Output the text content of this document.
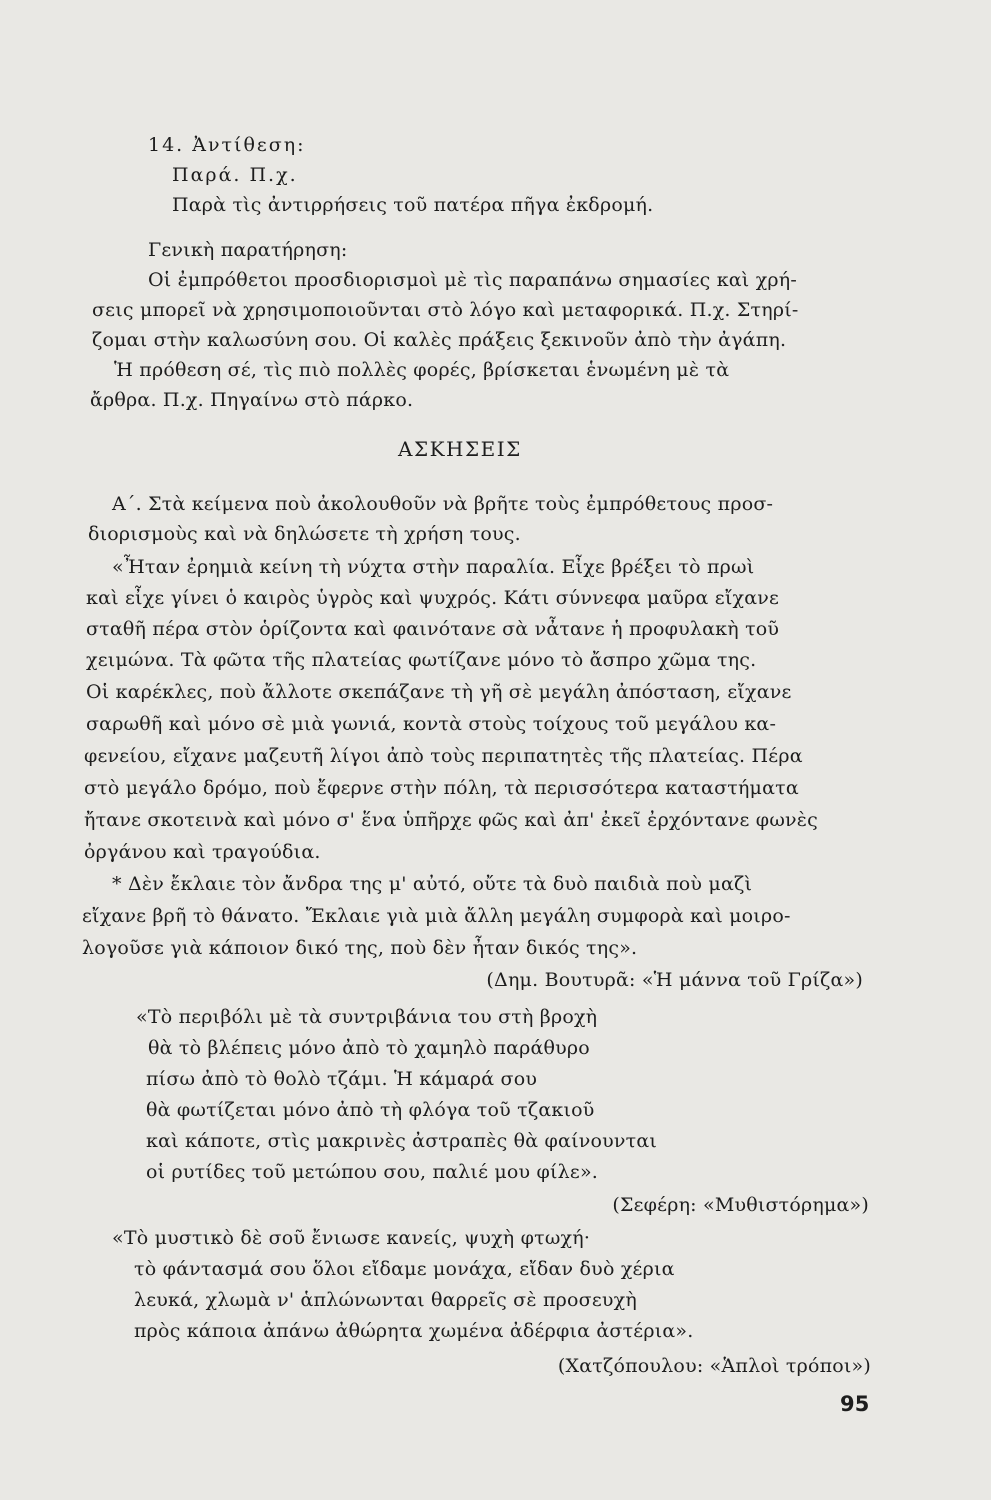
14. Ἀντίθεση:
Παρά. Π.χ.
Παρὰ τὶς ἀντιρρήσεις τοῦ πατέρα πῆγα ἐκδρομή.
Γενικὴ παρατήρηση:
Οἱ ἐμπρόθετοι προσδιορισμοὶ μὲ τὶς παραπάνω σημασίες καὶ χρή-
σεις μπορεῖ νὰ χρησιμοποιοῦνται στὸ λόγο καὶ μεταφορικά. Π.χ. Στηρί-
ζομαι στὴν καλωσύνη σου. Οἱ καλὲς πράξεις ξεκινοῦν ἀπὸ τὴν ἀγάπη.
Ἡ πρόθεση σέ, τὶς πιὸ πολλὲς φορές, βρίσκεται ἑνωμένη μὲ τὰ
ἄρθρα. Π.χ. Πηγαίνω στὸ πάρκο.
ΑΣΚΗΣΕΙΣ
Α΄. Στὰ κείμενα ποὺ ἀκολουθοῦν νὰ βρῆτε τοὺς ἐμπρόθετους προσ-
διορισμοὺς καὶ νὰ δηλώσετε τὴ χρήση τους.
«Ἦταν ἐρημιὰ κείνη τὴ νύχτα στὴν παραλία. Εἶχε βρέξει τὸ πρωὶ
καὶ εἶχε γίνει ὁ καιρὸς ὑγρὸς καὶ ψυχρός. Κάτι σύννεφα μαῦρα εἴχανε
σταθῆ πέρα στὸν ὁρίζοντα καὶ φαινότανε σὰ νἆτανε ἡ προφυλακὴ τοῦ
χειμώνα. Τὰ φῶτα τῆς πλατείας φωτίζανε μόνο τὸ ἄσπρο χῶμα της.
Οἱ καρέκλες, ποὺ ἄλλοτε σκεπάζανε τὴ γῆ σὲ μεγάλη ἀπόσταση, εἴχανε
σαρωθῆ καὶ μόνο σὲ μιὰ γωνιά, κοντὰ στοὺς τοίχους τοῦ μεγάλου κα-
φενείου, εἴχανε μαζευτῆ λίγοι ἀπὸ τοὺς περιπατητὲς τῆς πλατείας. Πέρα
στὸ μεγάλο δρόμο, ποὺ ἔφερνε στὴν πόλη, τὰ περισσότερα καταστήματα
ἤτανε σκοτεινὰ καὶ μόνο σ' ἕνα ὑπῆρχε φῶς καὶ ἀπ' ἐκεῖ ἐρχόντανε φωνὲς
ὀργάνου καὶ τραγούδια.
* Δὲν ἔκλαιε τὸν ἄνδρα της μ' αὐτό, οὔτε τὰ δυὸ παιδιὰ ποὺ μαζὶ
εἴχανε βρῆ τὸ θάνατο. Ἔκλαιε γιὰ μιὰ ἄλλη μεγάλη συμφορὰ καὶ μοιρο-
λογοῦσε γιὰ κάποιον δικό της, ποὺ δὲν ἦταν δικός της».
(Δημ. Βουτυρᾶ: «Ἡ μάννα τοῦ Γρίζα»)
«Τὸ περιβόλι μὲ τὰ συντριβάνια του στὴ βροχὴ
θὰ τὸ βλέπεις μόνο ἀπὸ τὸ χαμηλὸ παράθυρο
πίσω ἀπὸ τὸ θολὸ τζάμι. Ἡ κάμαρά σου
θὰ φωτίζεται μόνο ἀπὸ τὴ φλόγα τοῦ τζακιοῦ
καὶ κάποτε, στὶς μακρινὲς ἀστραπὲς θὰ φαίνουνται
οἱ ρυτίδες τοῦ μετώπου σου, παλιέ μου φίλε».
(Σεφέρη: «Μυθιστόρημα»)
«Τὸ μυστικὸ δὲ σοῦ ἔνιωσε κανείς, ψυχὴ φτωχή·
τὸ φάντασμά σου ὅλοι εἴδαμε μονάχα, εἴδαν δυὸ χέρια
λευκά, χλωμὰ ν' ἁπλώνωνται θαρρεῖς σὲ προσευχὴ
πρὸς κάποια ἀπάνω ἀθώρητα χωμένα ἀδέρφια ἀστέρια».
(Χατζόπουλου: «Ἁπλοὶ τρόποι»)
95
